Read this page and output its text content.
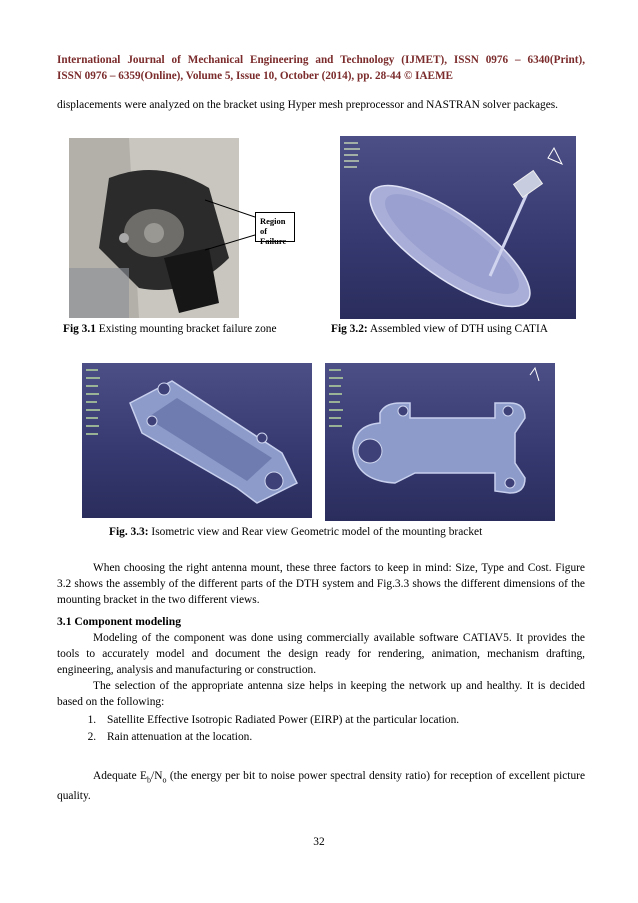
International Journal of Mechanical Engineering and Technology (IJMET), ISSN 0976 – 6340(Print),
ISSN 0976 – 6359(Online), Volume 5, Issue 10, October (2014), pp. 28-44 © IAEME
displacements were analyzed on the bracket using Hyper mesh preprocessor and NASTRAN solver packages.
Region of
Failure
Fig 3.1 Existing mounting bracket failure zone	Fig 3.2: Assembled view of DTH using CATIA
Fig. 3.3: Isometric view and Rear view Geometric model of the mounting bracket
When choosing the right antenna mount, these three factors to keep in mind: Size, Type and Cost. Figure 3.2 shows the assembly of the different parts of the DTH system and Fig.3.3 shows the different dimensions of the mounting bracket in the two different views.
3.1 Component modeling
Modeling of the component was done using commercially available software CATIAV5. It provides the tools to accurately model and document the design ready for rendering, animation, mechanism drafting, engineering, analysis and manufacturing or construction.
The selection of the appropriate antenna size helps in keeping the network up and healthy. It is decided based on the following:
1. Satellite Effective Isotropic Radiated Power (EIRP) at the particular location.
2. Rain attenuation at the location.
Adequate $E_b/N_o$ (the energy per bit to noise power spectral density ratio) for reception of excellent picture quality.
32
